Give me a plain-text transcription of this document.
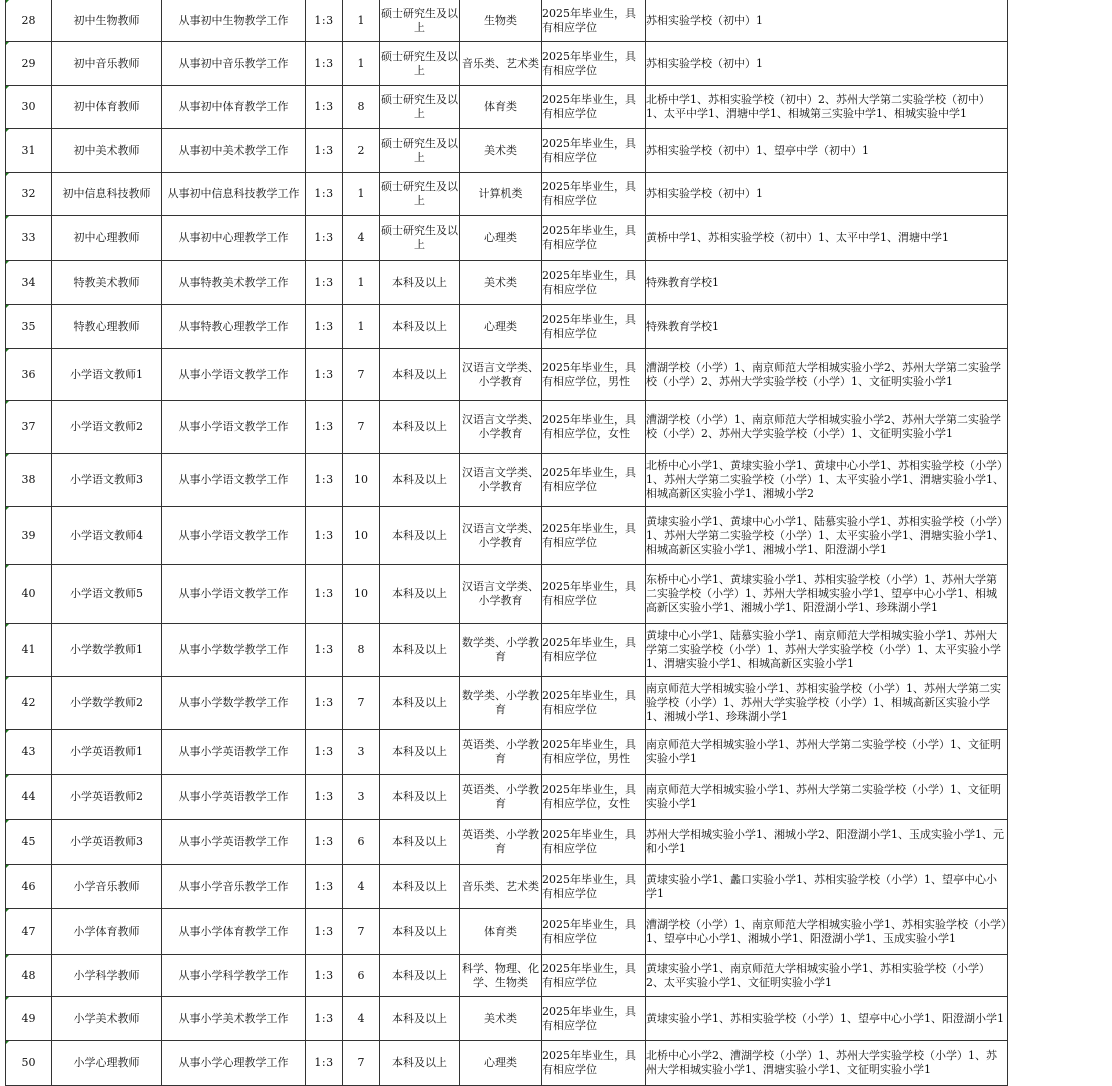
28	初中生物教师	从事初中生物教学工作	1:3	1	硕士研究生及以上	生物类	2025年毕业生，具有相应学位	苏相实验学校（初中）1
29	初中音乐教师	从事初中音乐教学工作	1:3	1	硕士研究生及以上	音乐类、艺术类	2025年毕业生，具有相应学位	苏相实验学校（初中）1
30	初中体育教师	从事初中体育教学工作	1:3	8	硕士研究生及以上	体育类	2025年毕业生，具有相应学位	北桥中学1、苏相实验学校（初中）2、苏州大学第二实验学校（初中）1、太平中学1、渭塘中学1、相城第三实验中学1、相城实验中学1
31	初中美术教师	从事初中美术教学工作	1:3	2	硕士研究生及以上	美术类	2025年毕业生，具有相应学位	苏相实验学校（初中）1、望亭中学（初中）1
32	初中信息科技教师	从事初中信息科技教学工作	1:3	1	硕士研究生及以上	计算机类	2025年毕业生，具有相应学位	苏相实验学校（初中）1
33	初中心理教师	从事初中心理教学工作	1:3	4	硕士研究生及以上	心理类	2025年毕业生，具有相应学位	黄桥中学1、苏相实验学校（初中）1、太平中学1、渭塘中学1
34	特教美术教师	从事特教美术教学工作	1:3	1	本科及以上	美术类	2025年毕业生，具有相应学位	特殊教育学校1
35	特教心理教师	从事特教心理教学工作	1:3	1	本科及以上	心理类	2025年毕业生，具有相应学位	特殊教育学校1
36	小学语文教师1	从事小学语文教学工作	1:3	7	本科及以上	汉语言文学类、小学教育	2025年毕业生，具有相应学位，男性	漕湖学校（小学）1、南京师范大学相城实验小学2、苏州大学第二实验学校（小学）2、苏州大学实验学校（小学）1、文征明实验小学1
37	小学语文教师2	从事小学语文教学工作	1:3	7	本科及以上	汉语言文学类、小学教育	2025年毕业生，具有相应学位，女性	漕湖学校（小学）1、南京师范大学相城实验小学2、苏州大学第二实验学校（小学）2、苏州大学实验学校（小学）1、文征明实验小学1
38	小学语文教师3	从事小学语文教学工作	1:3	10	本科及以上	汉语言文学类、小学教育	2025年毕业生，具有相应学位	北桥中心小学1、黄埭实验小学1、黄埭中心小学1、苏相实验学校（小学）1、苏州大学第二实验学校（小学）1、太平实验小学1、渭塘实验小学1、相城高新区实验小学1、湘城小学2
39	小学语文教师4	从事小学语文教学工作	1:3	10	本科及以上	汉语言文学类、小学教育	2025年毕业生，具有相应学位	黄埭实验小学1、黄埭中心小学1、陆慕实验小学1、苏相实验学校（小学）1、苏州大学第二实验学校（小学）1、太平实验小学1、渭塘实验小学1、相城高新区实验小学1、湘城小学1、阳澄湖小学1
40	小学语文教师5	从事小学语文教学工作	1:3	10	本科及以上	汉语言文学类、小学教育	2025年毕业生，具有相应学位	东桥中心小学1、黄埭实验小学1、苏相实验学校（小学）1、苏州大学第二实验学校（小学）1、苏州大学相城实验小学1、望亭中心小学1、相城高新区实验小学1、湘城小学1、阳澄湖小学1、珍珠湖小学1
41	小学数学教师1	从事小学数学教学工作	1:3	8	本科及以上	数学类、小学教育	2025年毕业生，具有相应学位	黄埭中心小学1、陆慕实验小学1、南京师范大学相城实验小学1、苏州大学第二实验学校（小学）1、苏州大学实验学校（小学）1、太平实验小学1、渭塘实验小学1、相城高新区实验小学1
42	小学数学教师2	从事小学数学教学工作	1:3	7	本科及以上	数学类、小学教育	2025年毕业生，具有相应学位	南京师范大学相城实验小学1、苏相实验学校（小学）1、苏州大学第二实验学校（小学）1、苏州大学实验学校（小学）1、相城高新区实验小学1、湘城小学1、珍珠湖小学1
43	小学英语教师1	从事小学英语教学工作	1:3	3	本科及以上	英语类、小学教育	2025年毕业生，具有相应学位，男性	南京师范大学相城实验小学1、苏州大学第二实验学校（小学）1、文征明实验小学1
44	小学英语教师2	从事小学英语教学工作	1:3	3	本科及以上	英语类、小学教育	2025年毕业生，具有相应学位，女性	南京师范大学相城实验小学1、苏州大学第二实验学校（小学）1、文征明实验小学1
45	小学英语教师3	从事小学英语教学工作	1:3	6	本科及以上	英语类、小学教育	2025年毕业生，具有相应学位	苏州大学相城实验小学1、湘城小学2、阳澄湖小学1、玉成实验小学1、元和小学1
46	小学音乐教师	从事小学音乐教学工作	1:3	4	本科及以上	音乐类、艺术类	2025年毕业生，具有相应学位	黄埭实验小学1、蠡口实验小学1、苏相实验学校（小学）1、望亭中心小学1
47	小学体育教师	从事小学体育教学工作	1:3	7	本科及以上	体育类	2025年毕业生，具有相应学位	漕湖学校（小学）1、南京师范大学相城实验小学1、苏相实验学校（小学）1、望亭中心小学1、湘城小学1、阳澄湖小学1、玉成实验小学1
48	小学科学教师	从事小学科学教学工作	1:3	6	本科及以上	科学、物理、化学、生物类	2025年毕业生，具有相应学位	黄埭实验小学1、南京师范大学相城实验小学1、苏相实验学校（小学）2、太平实验小学1、文征明实验小学1
49	小学美术教师	从事小学美术教学工作	1:3	4	本科及以上	美术类	2025年毕业生，具有相应学位	黄埭实验小学1、苏相实验学校（小学）1、望亭中心小学1、阳澄湖小学1
50	小学心理教师	从事小学心理教学工作	1:3	7	本科及以上	心理类	2025年毕业生，具有相应学位	北桥中心小学2、漕湖学校（小学）1、苏州大学实验学校（小学）1、苏州大学相城实验小学1、渭塘实验小学1、文征明实验小学1
